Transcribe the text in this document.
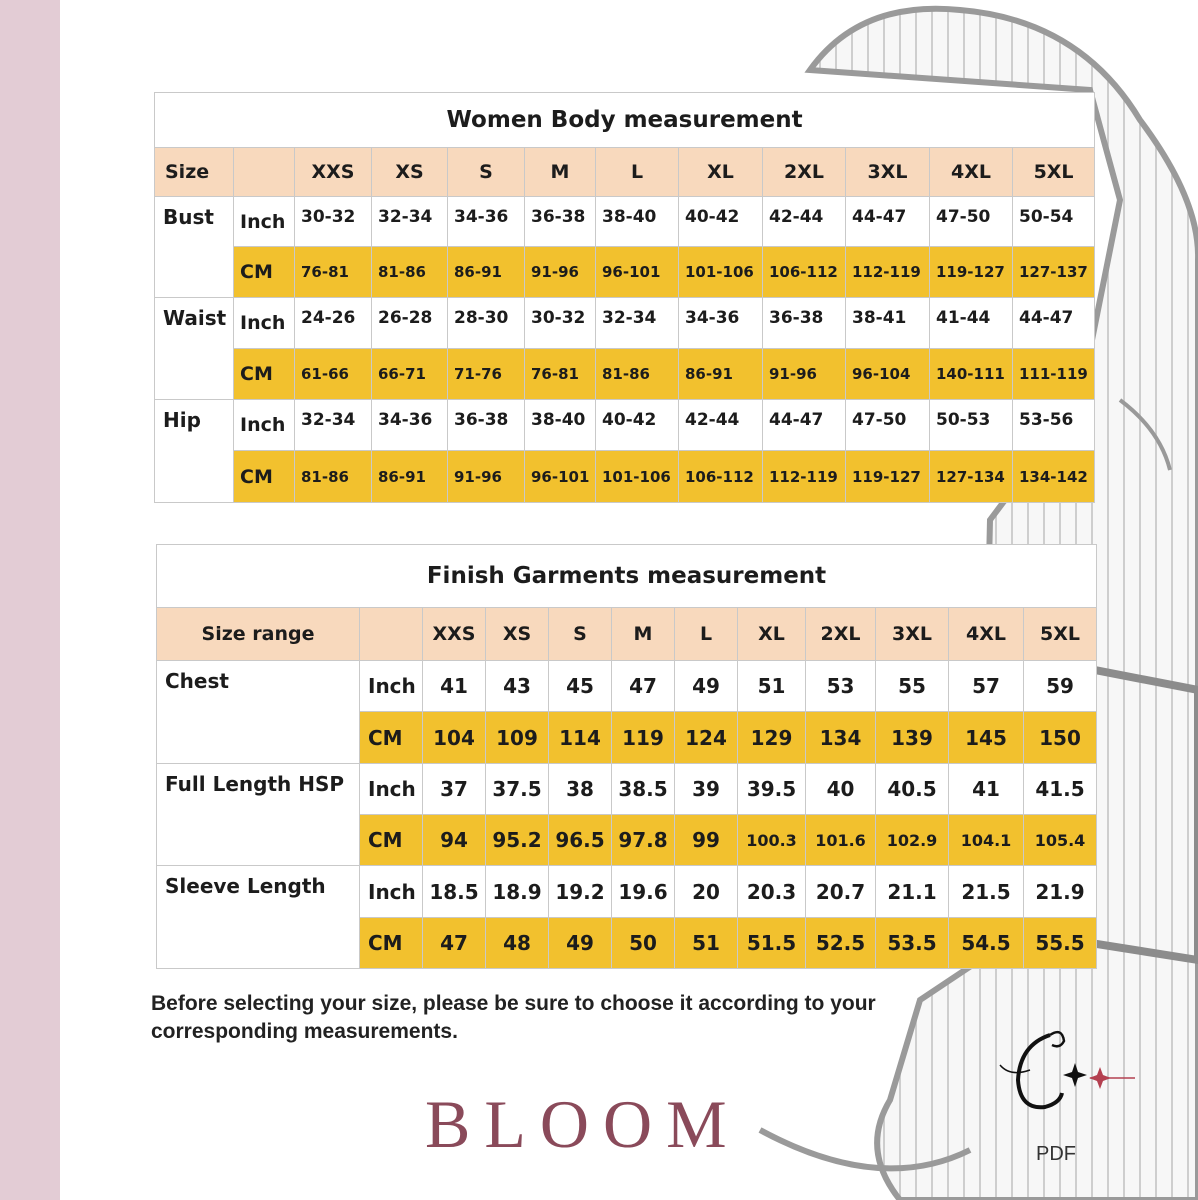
Women Body measurement											
Size		XXS	XS	S	M	L	XL	2XL	3XL	4XL	5XL
Bust	Inch	30-32	32-34	34-36	36-38	38-40	40-42	42-44	44-47	47-50	50-54
	CM	76-81	81-86	86-91	91-96	96-101	101-106	106-112	112-119	119-127	127-137
Waist	Inch	24-26	26-28	28-30	30-32	32-34	34-36	36-38	38-41	41-44	44-47
	CM	61-66	66-71	71-76	76-81	81-86	86-91	91-96	96-104	140-111	111-119
Hip	Inch	32-34	34-36	36-38	38-40	40-42	42-44	44-47	47-50	50-53	53-56
	CM	81-86	86-91	91-96	96-101	101-106	106-112	112-119	119-127	127-134	134-142
Finish Garments measurement											
Size range		XXS	XS	S	M	L	XL	2XL	3XL	4XL	5XL
Chest	Inch	41	43	45	47	49	51	53	55	57	59
	CM	104	109	114	119	124	129	134	139	145	150
Full Length HSP	Inch	37	37.5	38	38.5	39	39.5	40	40.5	41	41.5
	CM	94	95.2	96.5	97.8	99	100.3	101.6	102.9	104.1	105.4
Sleeve Length	Inch	18.5	18.9	19.2	19.6	20	20.3	20.7	21.1	21.5	21.9
	CM	47	48	49	50	51	51.5	52.5	53.5	54.5	55.5
Before selecting your size, please be sure to choose it according to your corresponding measurements.
BLOOM	PDF
